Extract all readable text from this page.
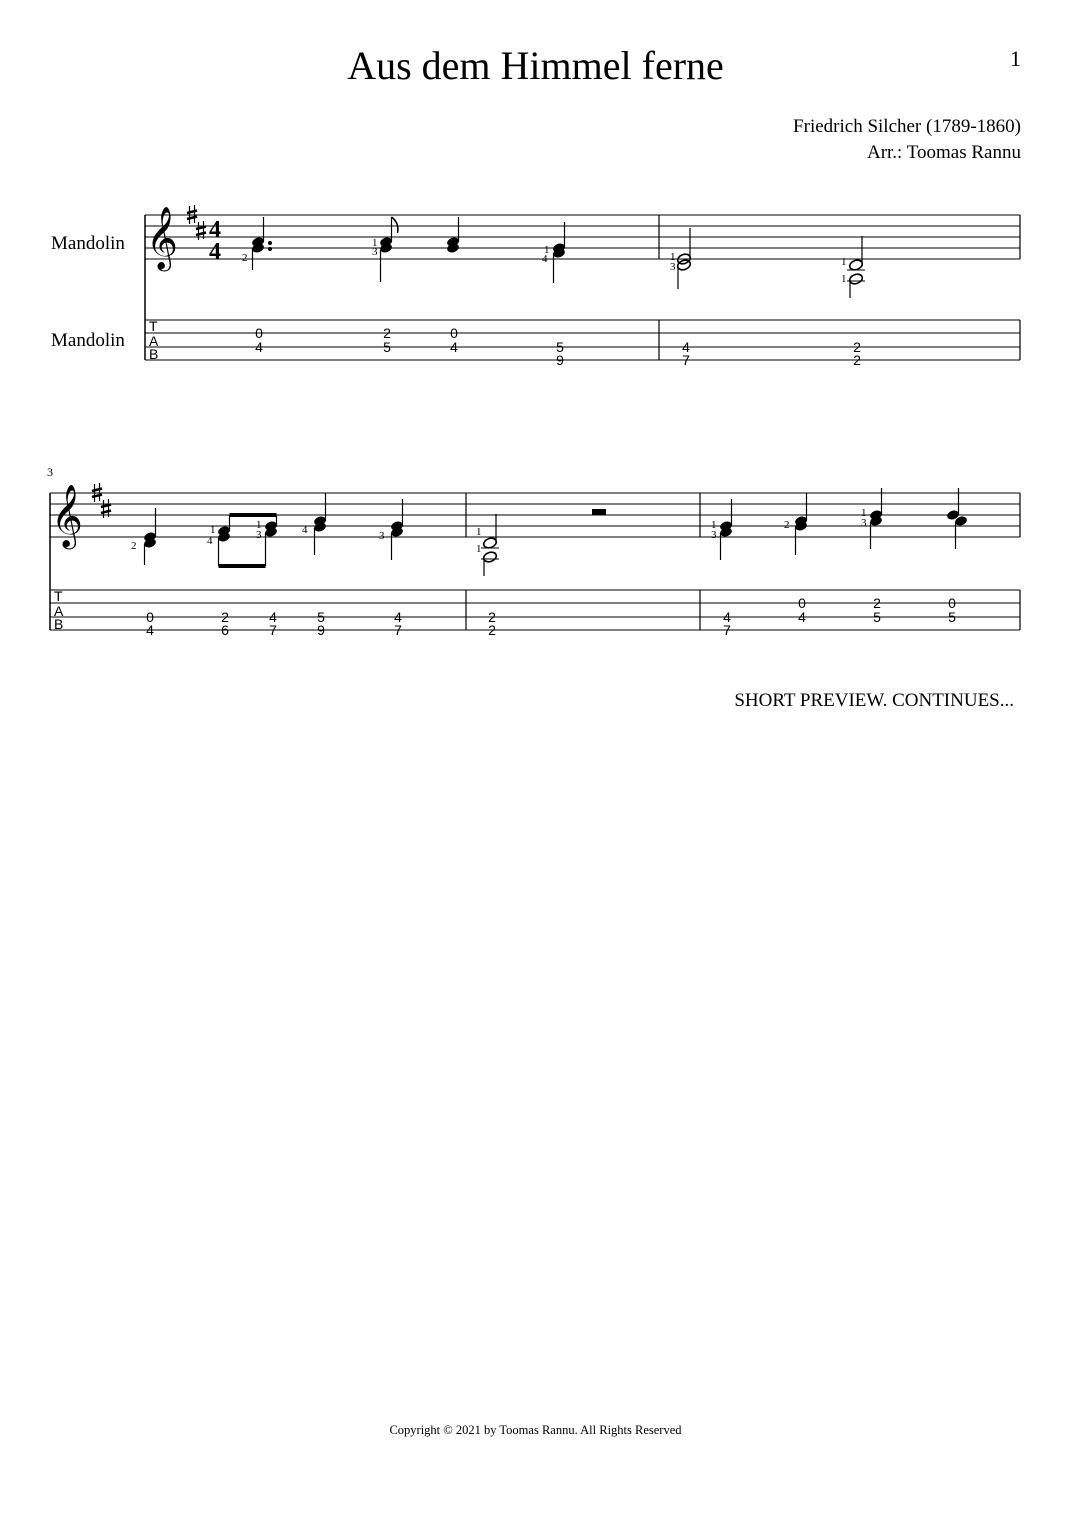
Aus dem Himmel ferne	1
Friedrich Silcher (1789-1860)
Arr.: Toomas Rannu
Mandolin
Mandolin
3
SHORT PREVIEW. CONTINUES...
Copyright © 2021 by Toomas Rannu. All Rights Reserved
𝄞 4
4
T
A
B
2
1
3	1
4	1
3	1
1
0
4
2
5
0
4	5
9
4
7
2
2
𝄞
T
A
B
2
1
4
1
3	4	3	1
1
1
3
2
1
3
0
4
2
6
4
7
5
9
4
7
2
2
4
7
0
4
2
5
0
5
